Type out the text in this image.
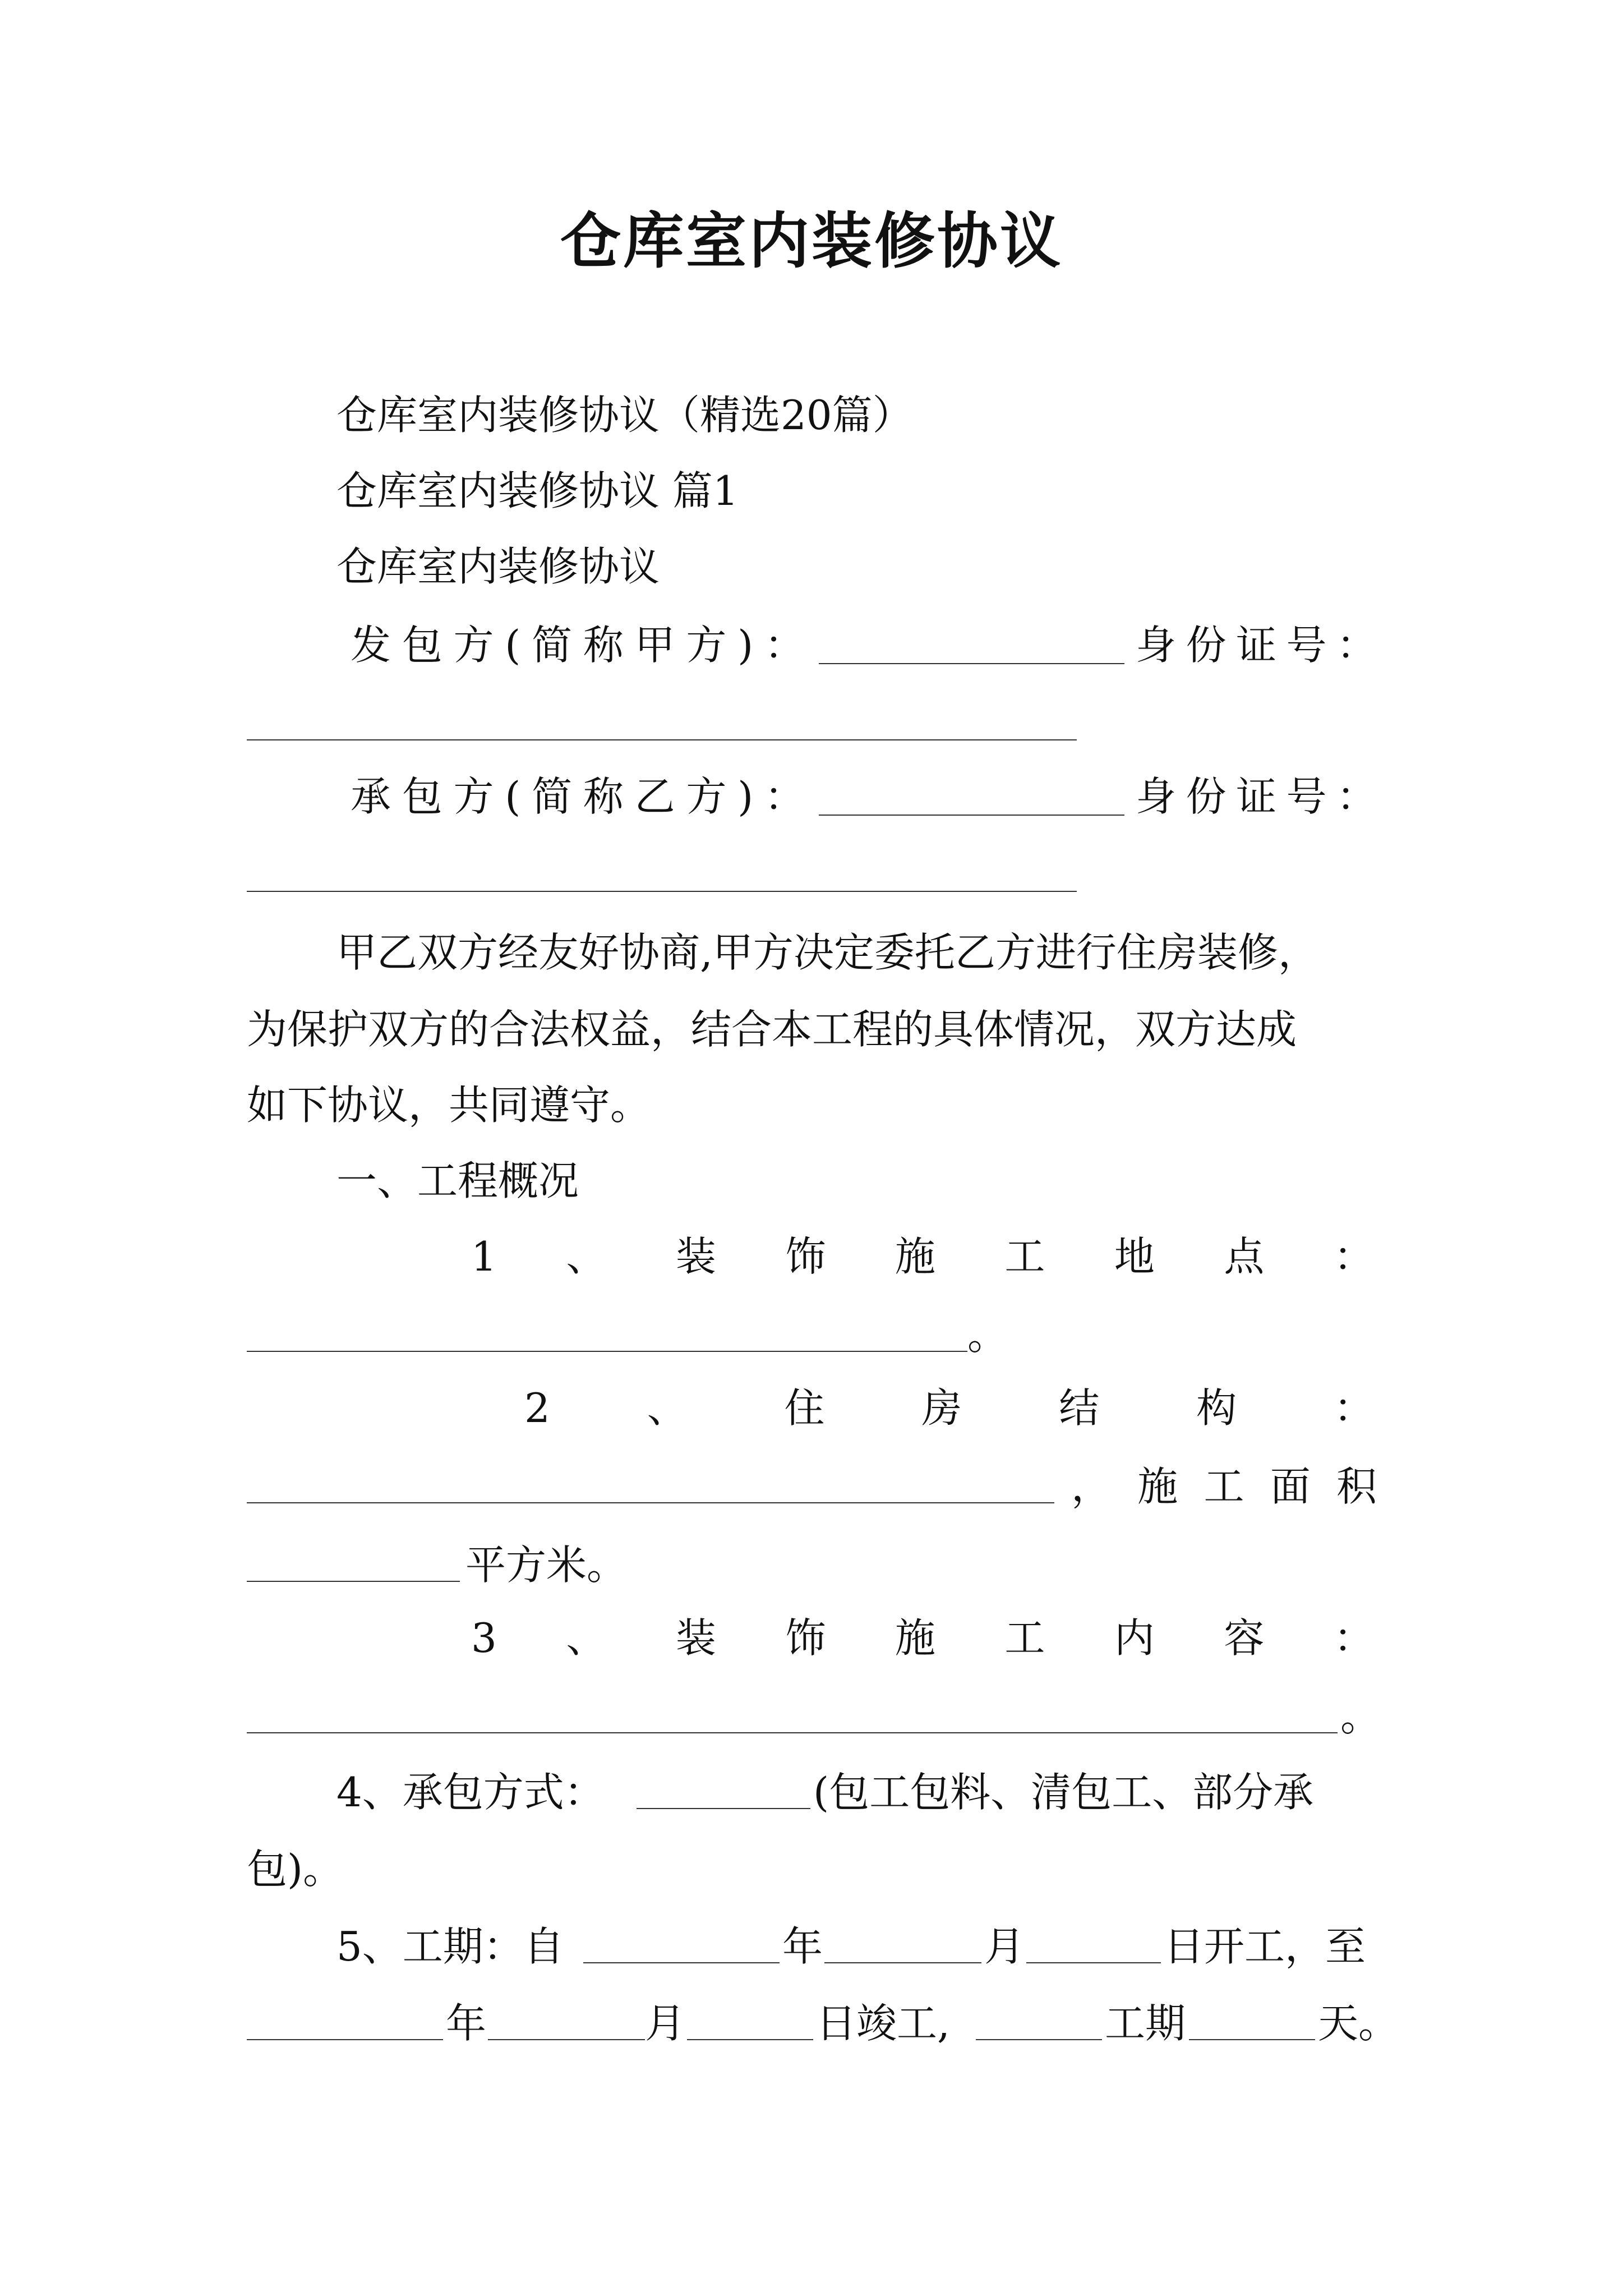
仓库室内装修协议
仓库室内装修协议（精选20篇）
仓库室内装修协议 篇1
仓库室内装修协议
发 包 方 ( 简 称 甲 方 ) ：	身 份 证 号 ：
承 包 方 ( 简 称 乙 方 ) ：	身 份 证 号 ：
甲乙双方经友好协商,甲方决定委托乙方进行住房装修，
为保护双方的合法权益，结合本工程的具体情况，双方达成
如下协议，共同遵守。
一、工程概况
1 、 装 饰 施 工 地 点 ：
。
2 、 住 房 结 构 ：
， 施 工 面 积
平方米。
3 、 装 饰 施 工 内 容 ：
。
4、承包方式：	(包工包料、清包工、部分承
包)。
5、工期：自	年	月	日开工，至
年	月	日竣工,	工期	天。
